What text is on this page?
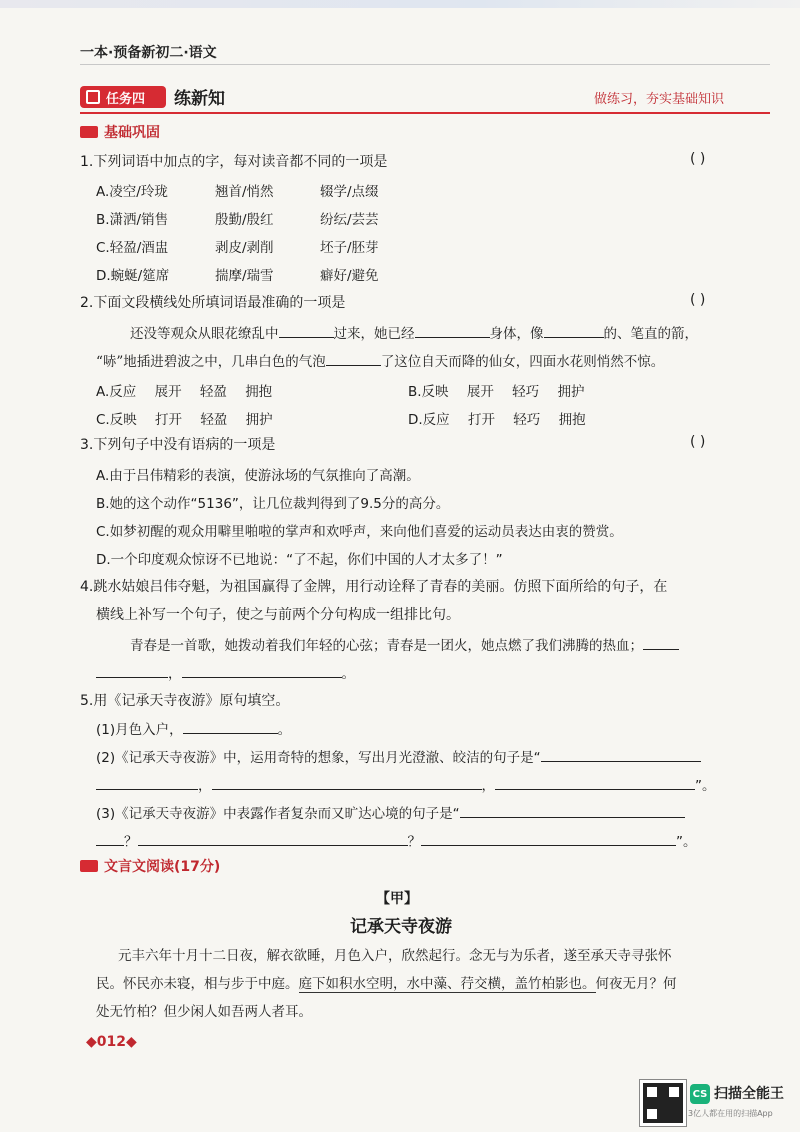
一本·预备新初二·语文
任务四 练新知	做练习，夯实基础知识
基础巩固
1.下列词语中加点的字，每对读音都不同的一项是	( )
A.凌空/玲珑	翘首/悄然	辍学/点缀
B.潇洒/销售	殷勤/殷红	纷纭/芸芸
C.轻盈/酒盅	剥皮/剥削	坯子/胚芽
D.蜿蜒/筵席	揣摩/瑞雪	癖好/避免
2.下面文段横线处所填词语最准确的一项是	( )
还没等观众从眼花缭乱中	过来，她已经	身体，像	的、笔直的箭，
“哧”地插进碧波之中，几串白色的气泡	了这位自天而降的仙女，四面水花则悄然不惊。
A.反应 展开 轻盈 拥抱	B.反映 展开 轻巧 拥护
C.反映 打开 轻盈 拥护	D.反应 打开 轻巧 拥抱
3.下列句子中没有语病的一项是	( )
A.由于吕伟精彩的表演，使游泳场的气氛推向了高潮。
B.她的这个动作“5136”，让几位裁判得到了9.5分的高分。
C.如梦初醒的观众用噼里啪啦的掌声和欢呼声，来向他们喜爱的运动员表达由衷的赞赏。
D.一个印度观众惊讶不已地说：“了不起，你们中国的人才太多了！”
4.跳水姑娘吕伟夺魁，为祖国赢得了金牌，用行动诠释了青春的美丽。仿照下面所给的句子，在
横线上补写一个句子，使之与前两个分句构成一组排比句。
青春是一首歌，她拨动着我们年轻的心弦；青春是一团火，她点燃了我们沸腾的热血；
，	。
5.用《记承天寺夜游》原句填空。
(1)月色入户，	。
(2)《记承天寺夜游》中，运用奇特的想象，写出月光澄澈、皎洁的句子是“
，	，	”。
(3)《记承天寺夜游》中表露作者复杂而又旷达心境的句子是“
？	？	”。
文言文阅读(17分)
【甲】
记承天寺夜游
元丰六年十月十二日夜，解衣欲睡，月色入户，欣然起行。念无与为乐者，遂至承天寺寻张怀
民。怀民亦未寝，相与步于中庭。庭下如积水空明，水中藻、荇交横，盖竹柏影也。何夜无月？何
处无竹柏？但少闲人如吾两人者耳。
◆012◆
CS 扫描全能王
3亿人都在用的扫描App
